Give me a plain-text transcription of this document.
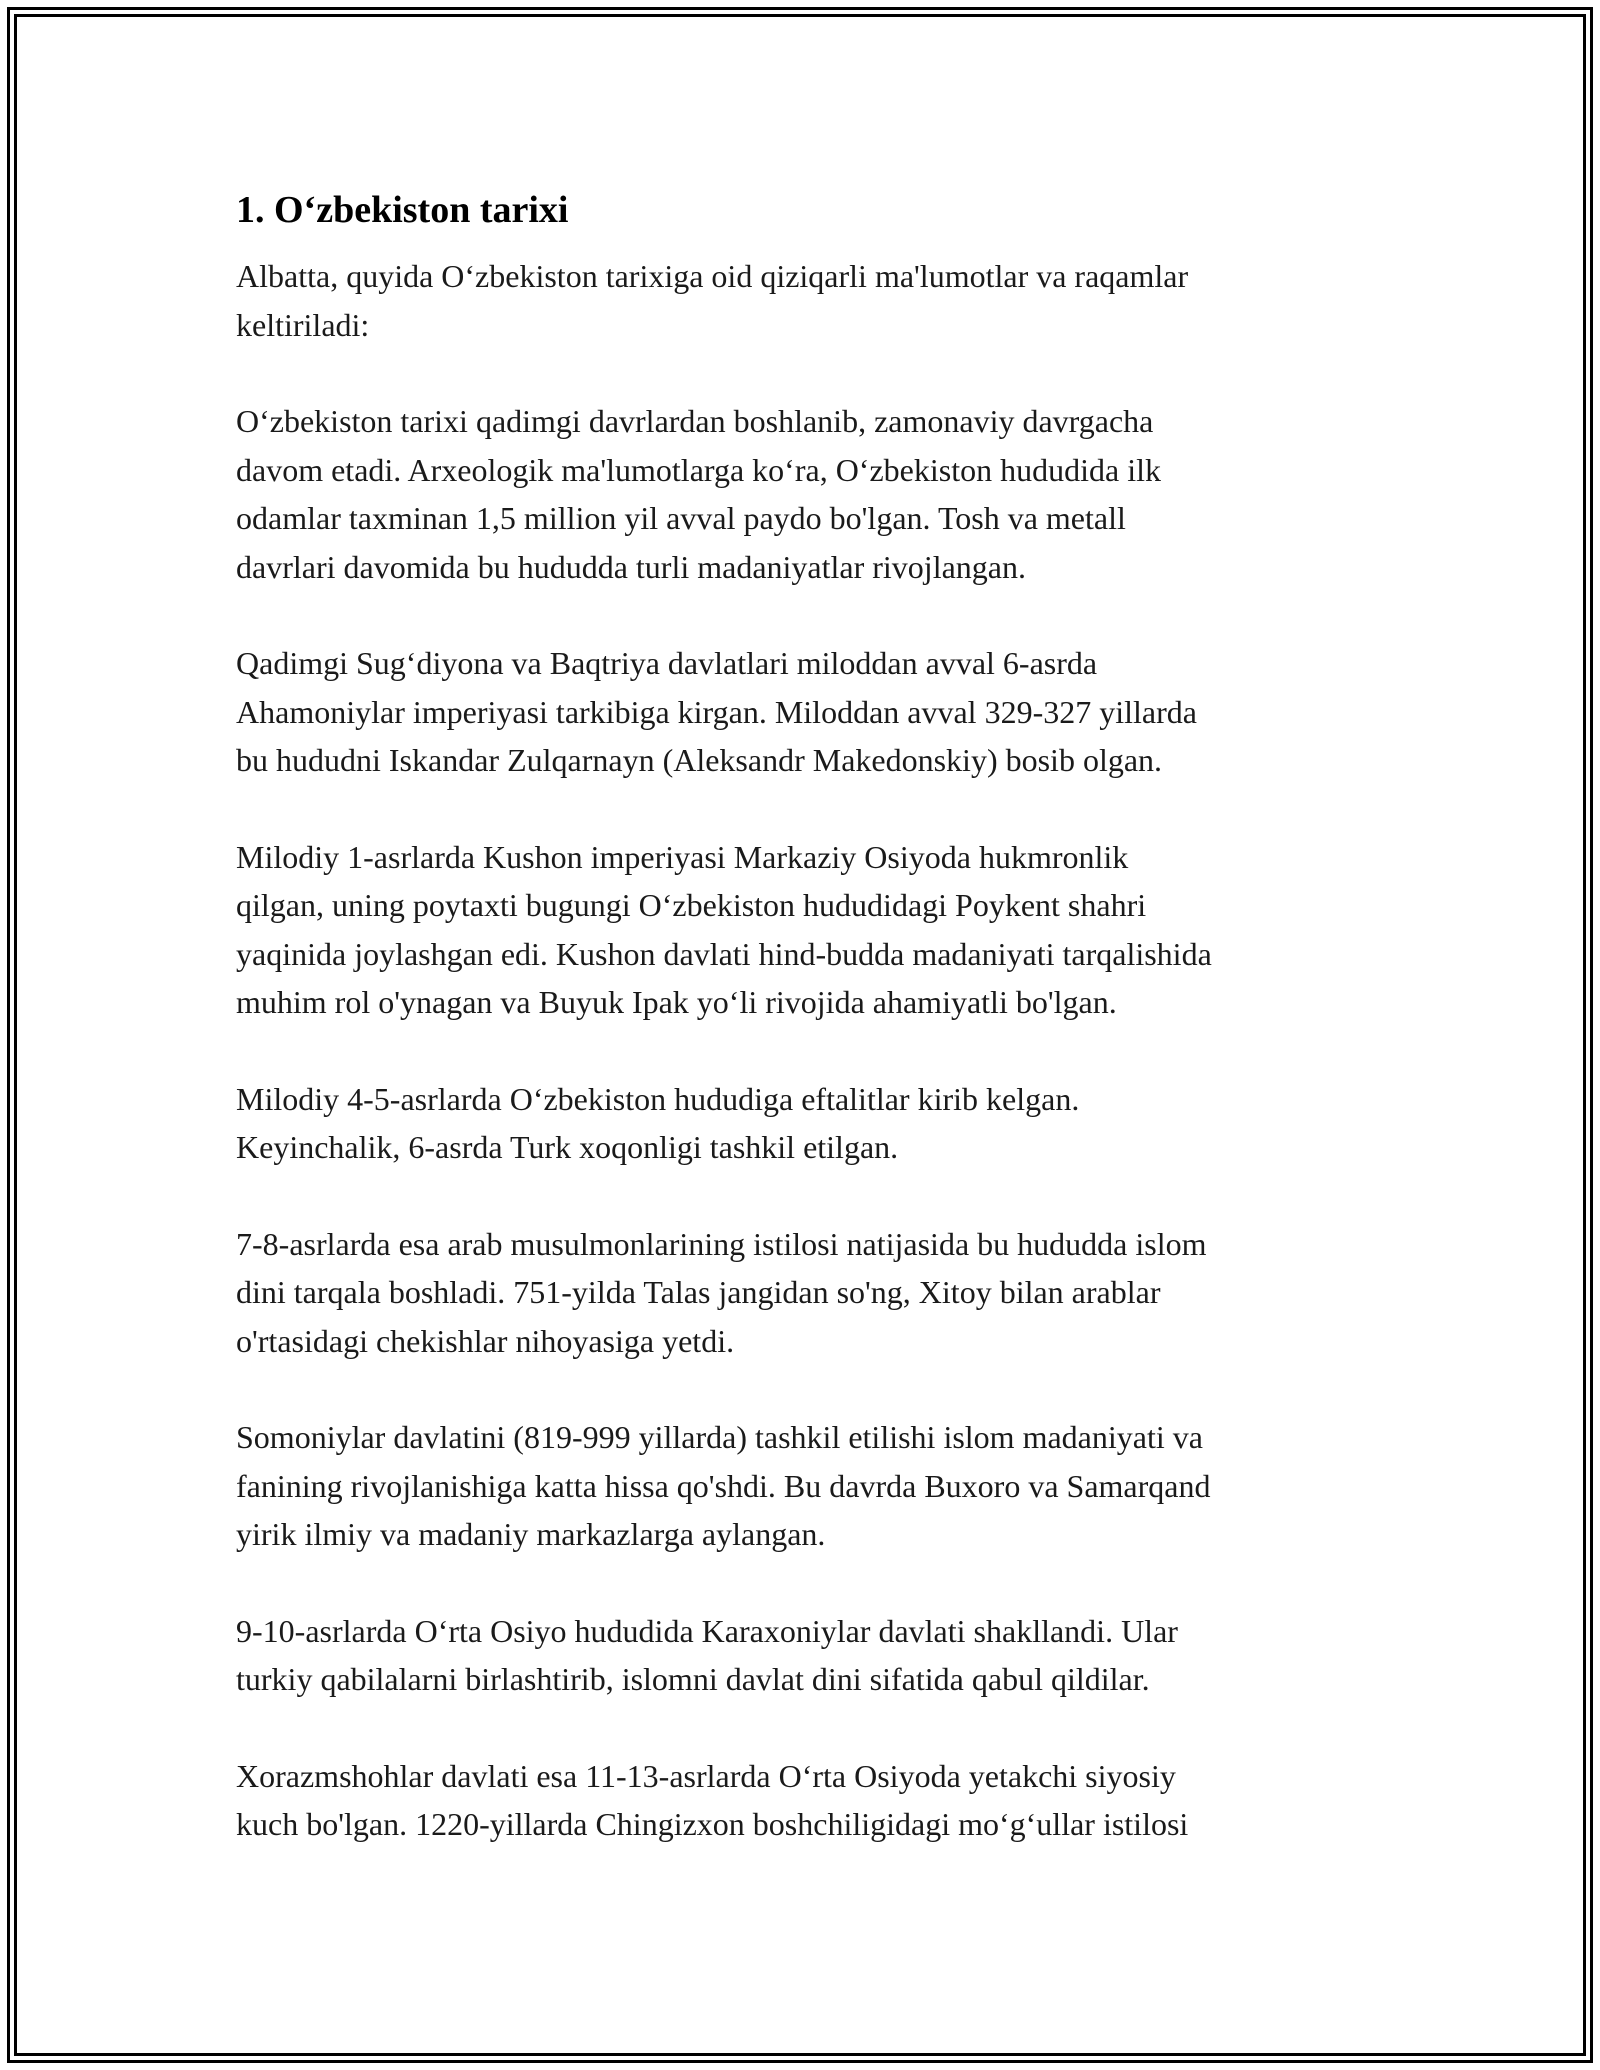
1. O‘zbekiston tarixi

Albatta, quyida O‘zbekiston tarixiga oid qiziqarli ma'lumotlar va raqamlar
keltiriladi:

O‘zbekiston tarixi qadimgi davrlardan boshlanib, zamonaviy davrgacha
davom etadi. Arxeologik ma'lumotlarga ko‘ra, O‘zbekiston hududida ilk
odamlar taxminan 1,5 million yil avval paydo bo'lgan. Tosh va metall
davrlari davomida bu hududda turli madaniyatlar rivojlangan.

Qadimgi Sug‘diyona va Baqtriya davlatlari miloddan avval 6-asrda
Ahamoniylar imperiyasi tarkibiga kirgan. Miloddan avval 329-327 yillarda
bu hududni Iskandar Zulqarnayn (Aleksandr Makedonskiy) bosib olgan.

Milodiy 1-asrlarda Kushon imperiyasi Markaziy Osiyoda hukmronlik
qilgan, uning poytaxti bugungi O‘zbekiston hududidagi Poykent shahri
yaqinida joylashgan edi. Kushon davlati hind-budda madaniyati tarqalishida
muhim rol o'ynagan va Buyuk Ipak yo‘li rivojida ahamiyatli bo'lgan.

Milodiy 4-5-asrlarda O‘zbekiston hududiga eftalitlar kirib kelgan.
Keyinchalik, 6-asrda Turk xoqonligi tashkil etilgan.

7-8-asrlarda esa arab musulmonlarining istilosi natijasida bu hududda islom
dini tarqala boshladi. 751-yilda Talas jangidan so'ng, Xitoy bilan arablar
o'rtasidagi chekishlar nihoyasiga yetdi.

Somoniylar davlatini (819-999 yillarda) tashkil etilishi islom madaniyati va
fanining rivojlanishiga katta hissa qo'shdi. Bu davrda Buxoro va Samarqand
yirik ilmiy va madaniy markazlarga aylangan.

9-10-asrlarda O‘rta Osiyo hududida Karaxoniylar davlati shakllandi. Ular
turkiy qabilalarni birlashtirib, islomni davlat dini sifatida qabul qildilar.

Xorazmshohlar davlati esa 11-13-asrlarda O‘rta Osiyoda yetakchi siyosiy
kuch bo'lgan. 1220-yillarda Chingizxon boshchiligidagi mo‘g‘ullar istilosi
